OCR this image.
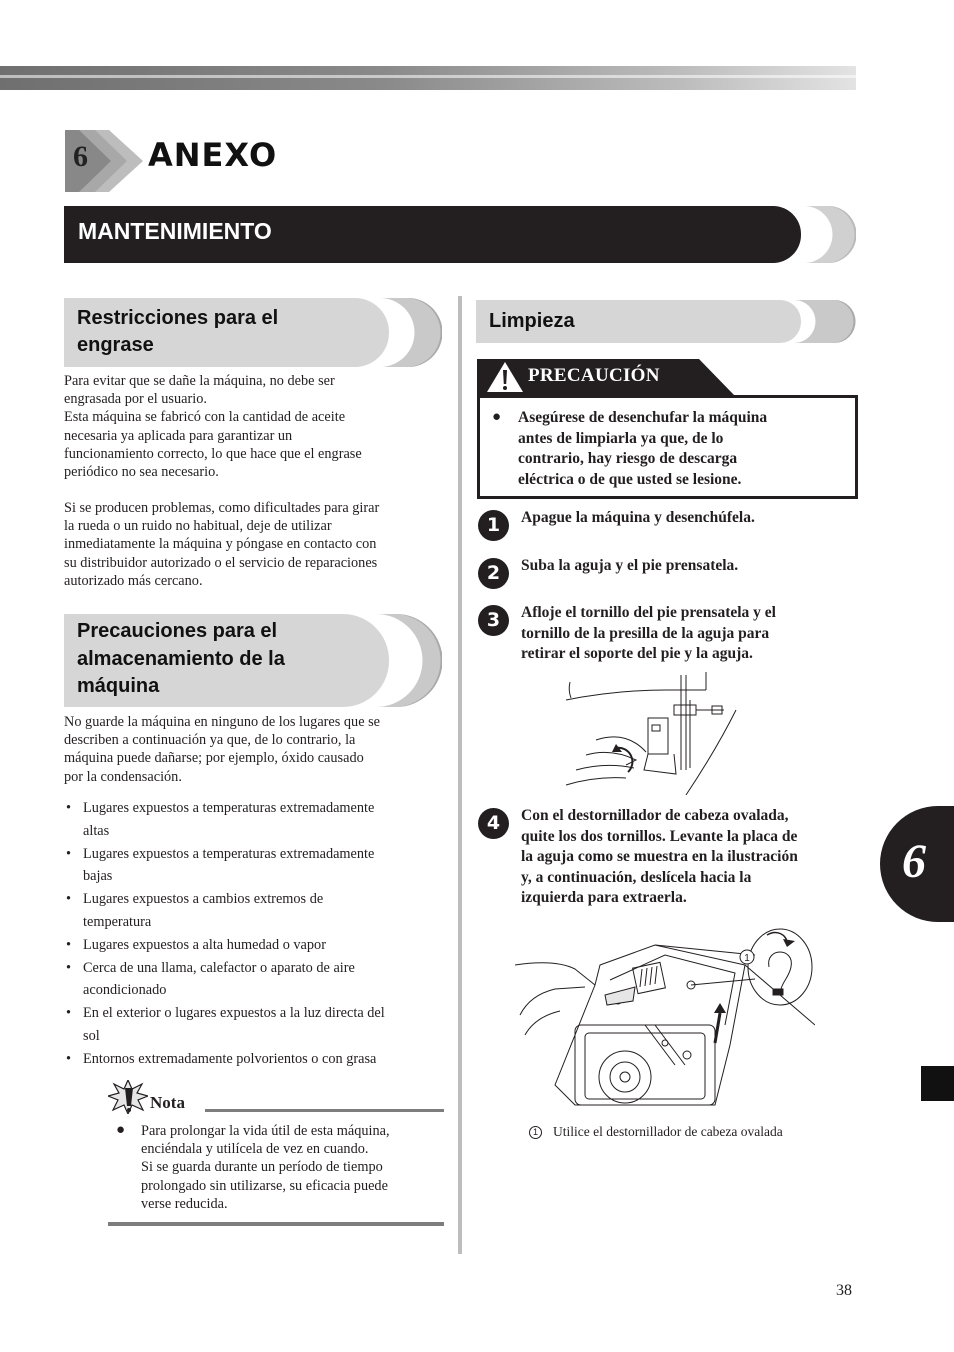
6 ANEXO
MANTENIMIENTO
Restricciones para el
engrase

Para evitar que se dañe la máquina, no debe ser

engrasada por el usuario.

Esta máquina se fabricó con la cantidad de aceite

necesaria ya aplicada para garantizar un

funcionamiento correcto, lo que hace que el engrase

periódico no sea necesario.

Si se producen problemas, como dificultades para girar

la rueda o un ruido no habitual, deje de utilizar

inmediatamente la máquina y póngase en contacto con

su distribuidor autorizado o el servicio de reparaciones

autorizado más cercano.

Precauciones para el
almacenamiento de la
máquina

No guarde la máquina en ninguno de los lugares que se

describen a continuación ya que, de lo contrario, la

máquina puede dañarse; por ejemplo, óxido causado

por la condensación.

• Lugares expuestos a temperaturas extremadamente
altas
• Lugares expuestos a temperaturas extremadamente
bajas
• Lugares expuestos a cambios extremos de
temperatura
• Lugares expuestos a alta humedad o vapor
• Cerca de una llama, calefactor o aparato de aire
acondicionado
• En el exterior o lugares expuestos a la luz directa del
sol
• Entornos extremadamente polvorientos o con grasa
Nota
● Para prolongar la vida útil de esta máquina,

enciéndala y utilícela de vez en cuando.

Si se guarda durante un período de tiempo

prolongado sin utilizarse, su eficacia puede

verse reducida.

Limpieza
PRECAUCIÓN
● Asegúrese de desenchufar la máquina

antes de limpiarla ya que, de lo

contrario, hay riesgo de descarga

eléctrica o de que usted se lesione.

1	Apague la máquina y desenchúfela.

2	Suba la aguja y el pie prensatela.

3	Afloje el tornillo del pie prensatela y el

tornillo de la presilla de la aguja para

retirar el soporte del pie y la aguja.

4	Con el destornillador de cabeza ovalada,

quite los dos tornillos. Levante la placa de

la aguja como se muestra en la ilustración

y, a continuación, deslícela hacia la

izquierda para extraerla.

1
1 Utilice el destornillador de cabeza ovalada
6
38
